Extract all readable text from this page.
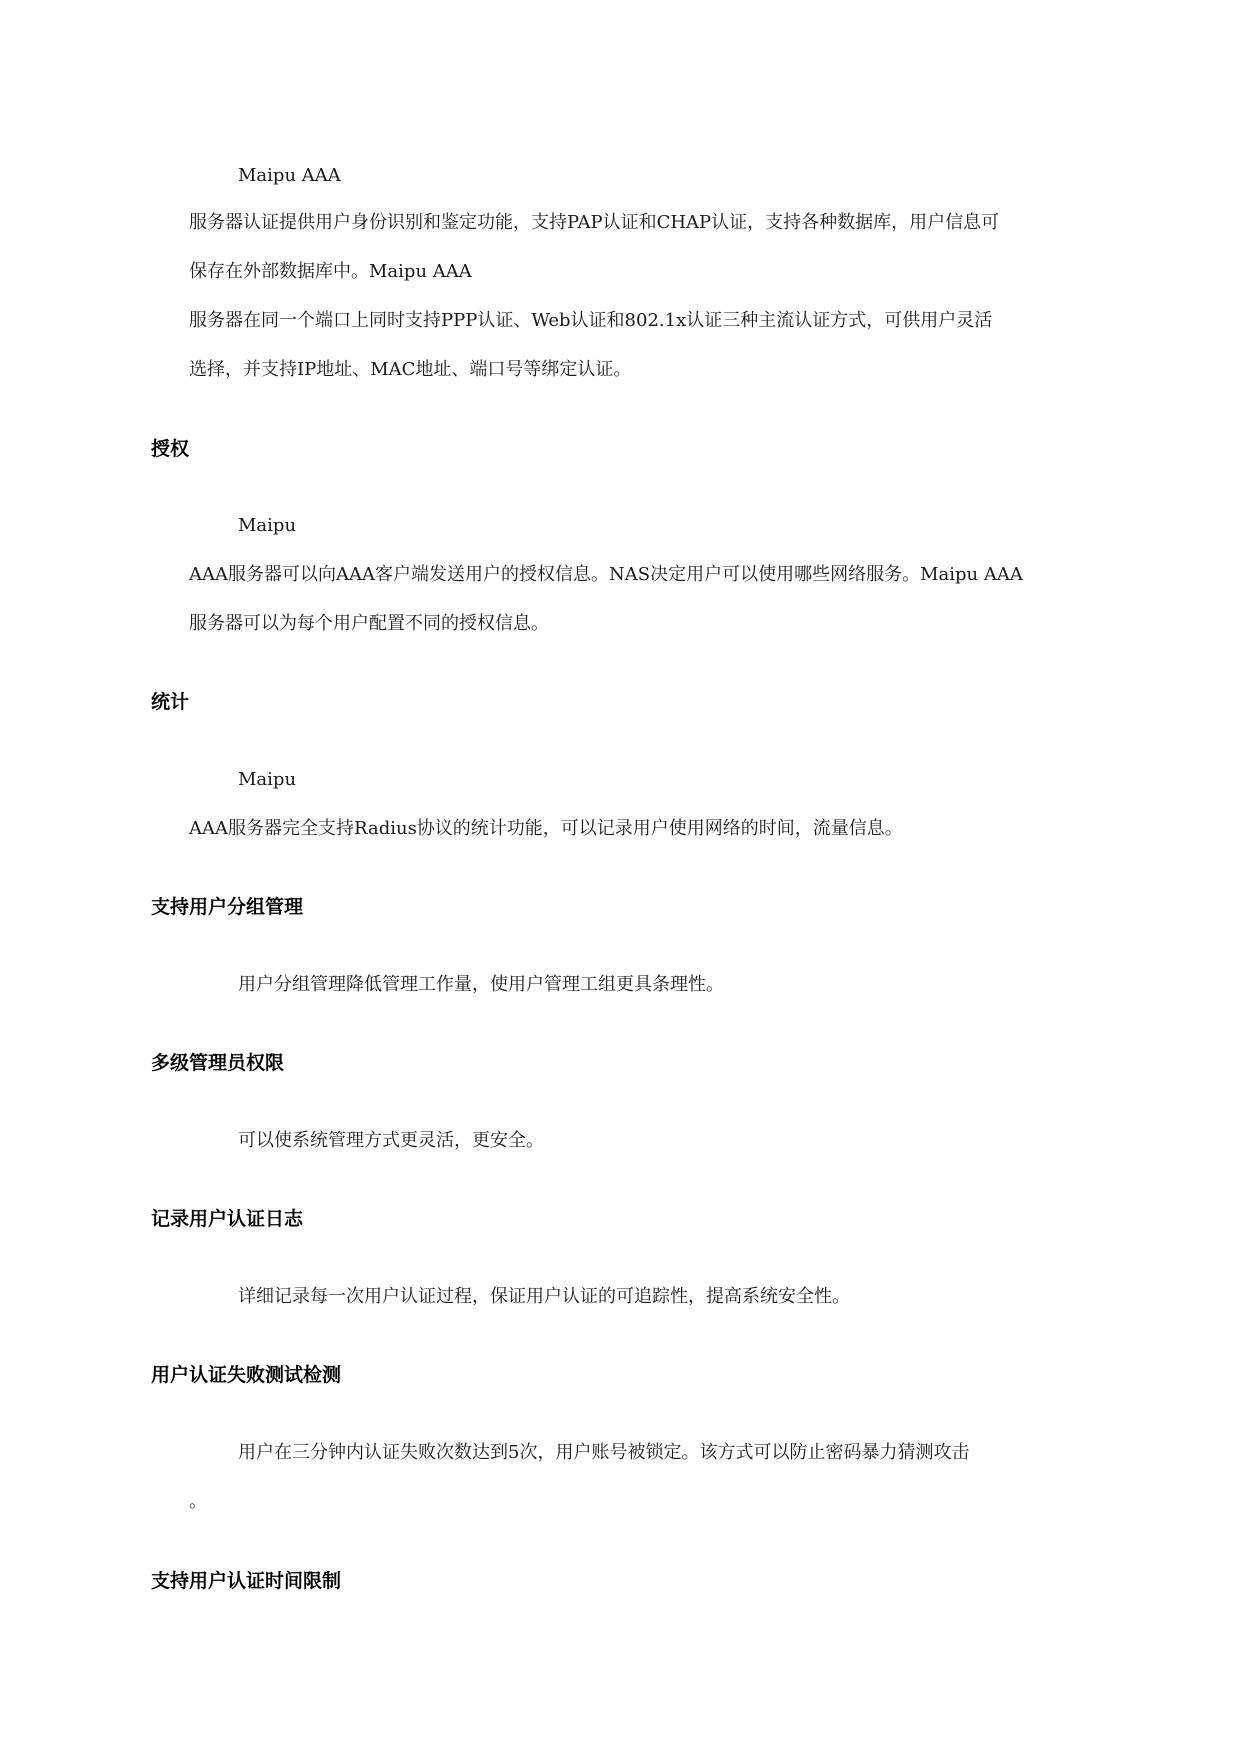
Maipu AAA

服务器认证提供用户身份识别和鉴定功能，支持PAP认证和CHAP认证，支持各种数据库，用户信息可

保存在外部数据库中。Maipu AAA

服务器在同一个端口上同时支持PPP认证、Web认证和802.1x认证三种主流认证方式，可供用户灵活

选择，并支持IP地址、MAC地址、端口号等绑定认证。

授权

Maipu

AAA服务器可以向AAA客户端发送用户的授权信息。NAS决定用户可以使用哪些网络服务。Maipu AAA

服务器可以为每个用户配置不同的授权信息。

统计

Maipu

AAA服务器完全支持Radius协议的统计功能，可以记录用户使用网络的时间，流量信息。

支持用户分组管理

用户分组管理降低管理工作量，使用户管理工组更具条理性。

多级管理员权限

可以使系统管理方式更灵活，更安全。

记录用户认证日志

详细记录每一次用户认证过程，保证用户认证的可追踪性，提高系统安全性。

用户认证失败测试检测

用户在三分钟内认证失败次数达到5次，用户账号被锁定。该方式可以防止密码暴力猜测攻击

。

支持用户认证时间限制
